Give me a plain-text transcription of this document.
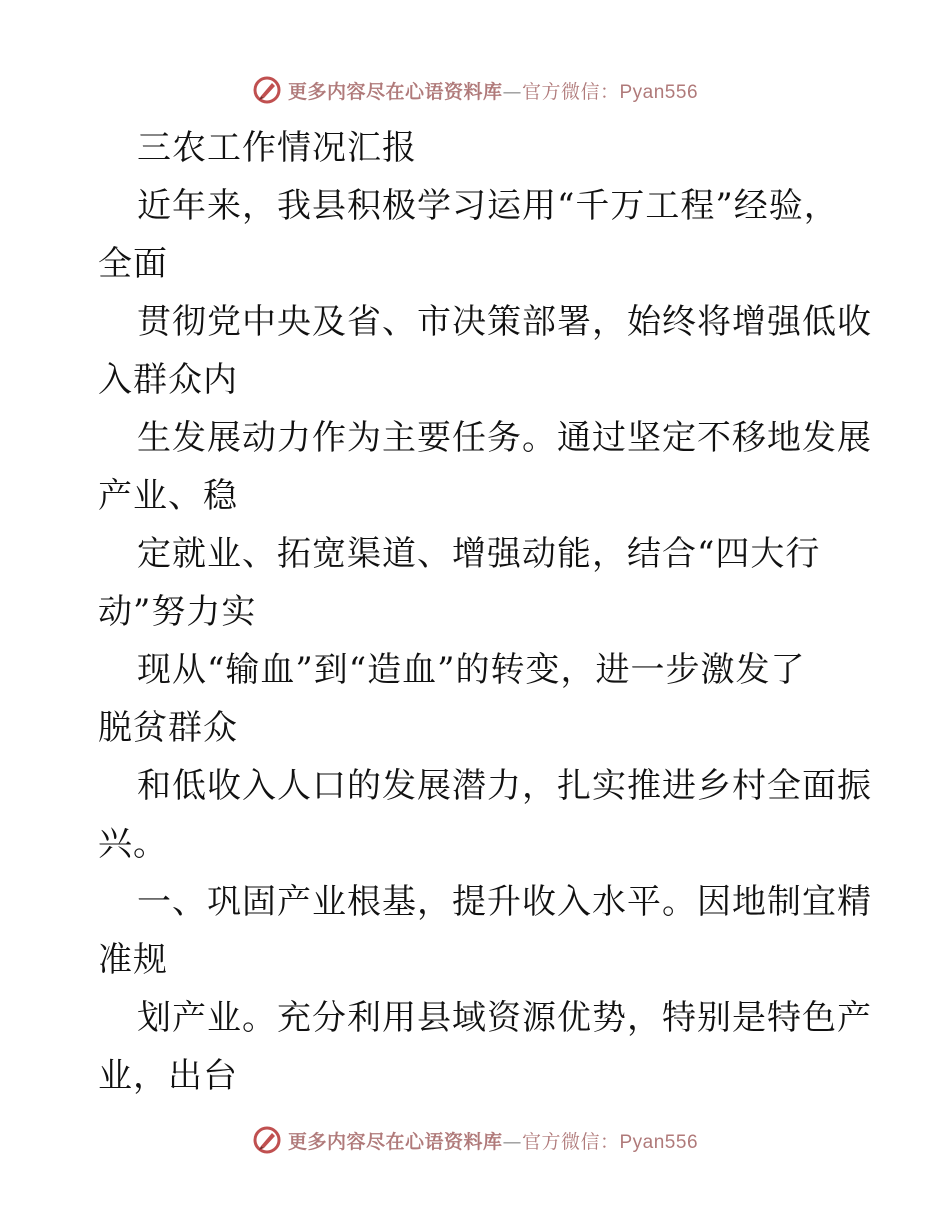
更多内容尽在心语资料库—官方微信：Pyan556
三农工作情况汇报
近年来，我县积极学习运用“千万工程”经验，
全面
贯彻党中央及省、市决策部署，始终将增强低收
入群众内
生发展动力作为主要任务。通过坚定不移地发展
产业、稳
定就业、拓宽渠道、增强动能，结合“四大行
动”努力实
现从“输血”到“造血”的转变，进一步激发了
脱贫群众
和低收入人口的发展潜力，扎实推进乡村全面振
兴。
一、巩固产业根基，提升收入水平。因地制宜精
准规
划产业。充分利用县域资源优势，特别是特色产
业，出台
更多内容尽在心语资料库—官方微信：Pyan556
